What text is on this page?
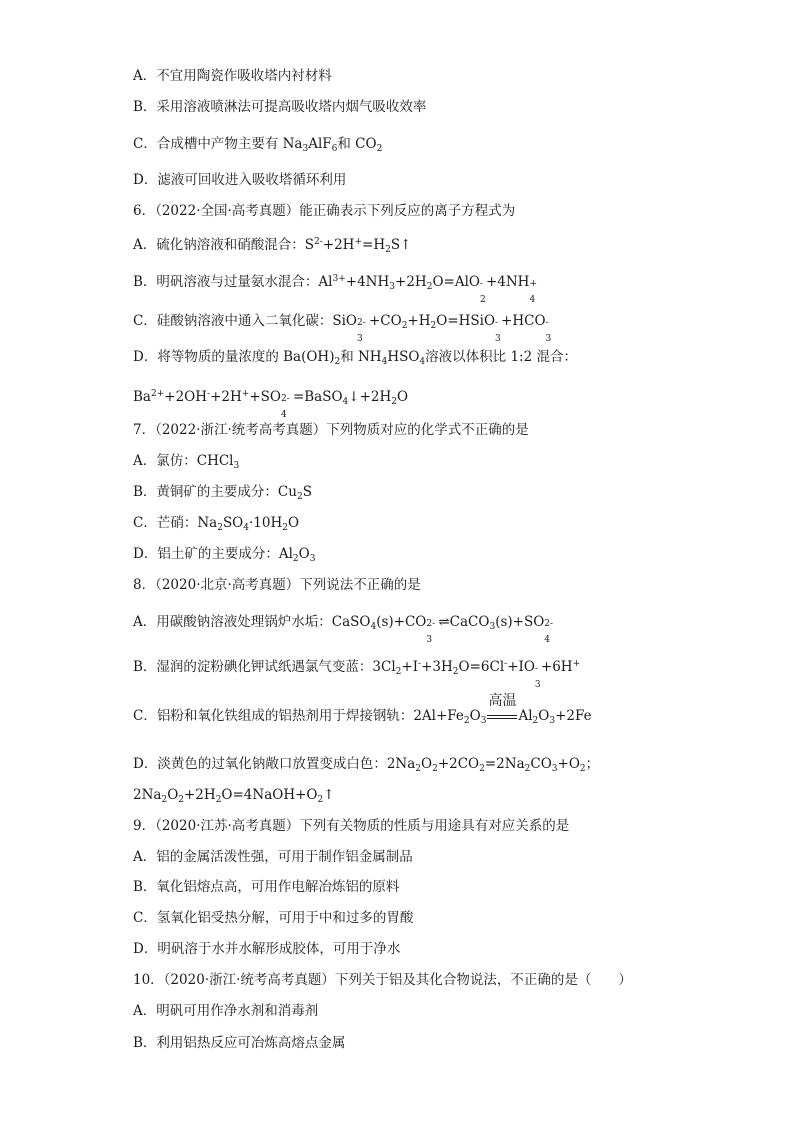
A．不宜用陶瓷作吸收塔内衬材料
B．采用溶液喷淋法可提高吸收塔内烟气吸收效率
C．合成槽中产物主要有 $Na_3AlF_6$和 $CO_2$
D．滤液可回收进入吸收塔循环利用
6．（2022·全国·高考真题）能正确表示下列反应的离子方程式为
A．硫化钠溶液和硝酸混合：$S^{2-}+2H^+=H_2S↑$
B．明矾溶液与过量氨水混合：$Al^{3+}+4NH_3+2H_2O=AlO$ -
2
+4NH +
4
C．硅酸钠溶液中通入二氧化碳：SiO 2-
3
$+CO_2+H_2O=HSiO$ -
3
+HCO -
3
D．将等物质的量浓度的 $Ba(OH)_2$和 $NH_4HSO_4$溶液以体积比 1:2 混合：
$Ba^{2+}+2OH^-+2H^++SO$ 2-
4
$=BaSO_4↓+2H_2O$
7．（2022·浙江·统考高考真题）下列物质对应的化学式不正确的是
A．氯仿：CHCl$_3$
B．黄铜矿的主要成分：$Cu_2S$
C．芒硝：$Na_2SO_4\cdot 10H_2O$
D．铝土矿的主要成分：$Al_2O_3$
8．（2020·北京·高考真题）下列说法不正确的是
A．用碳酸钠溶液处理锅炉水垢：CaSO$_4$(s)+CO 2-
3
⇌CaCO$_3$(s)+SO 2-
4
B．湿润的淀粉碘化钾试纸遇氯气变蓝：$3Cl_2+I^-+3H_2O=6Cl^-+IO$ -
3
+6H+
C．铝粉和氧化铁组成的铝热剂用于焊接钢轨：$2Al+Fe_2O_3$
高温
$Al_2O_3+2Fe$
D．淡黄色的过氧化钠敞口放置变成白色：$2Na_2O_2+2CO_2=2Na_2CO_3+O_2$；
$2Na_2O_2+2H_2O=4NaOH+O_2↑$
9．（2020·江苏·高考真题）下列有关物质的性质与用途具有对应关系的是
A．铝的金属活泼性强，可用于制作铝金属制品
B．氧化铝熔点高，可用作电解冶炼铝的原料
C．氢氧化铝受热分解，可用于中和过多的胃酸
D．明矾溶于水并水解形成胶体，可用于净水
10．（2020·浙江·统考高考真题）下列关于铝及其化合物说法，不正确的是（　　）
A．明矾可用作净水剂和消毒剂
B．利用铝热反应可冶炼高熔点金属
